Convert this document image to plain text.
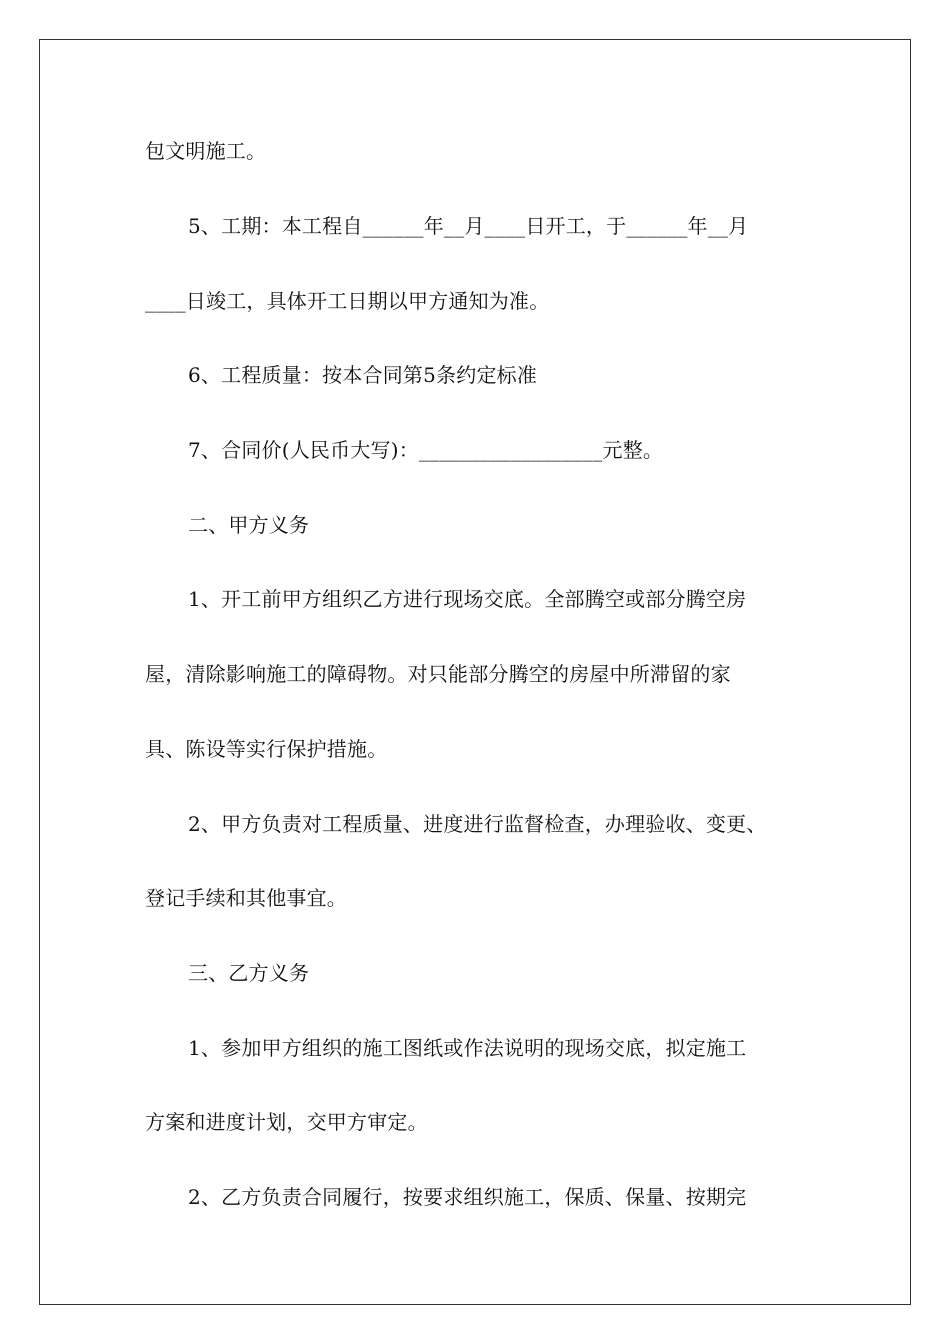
包文明施工。

5、工期：本工程自______年__月____日开工，于______年__月

____日竣工，具体开工日期以甲方通知为准。

6、工程质量：按本合同第5条约定标准

7、合同价(人民币大写)：__________________元整。

二、甲方义务

1、开工前甲方组织乙方进行现场交底。全部腾空或部分腾空房

屋，清除影响施工的障碍物。对只能部分腾空的房屋中所滞留的家

具、陈设等实行保护措施。

2、甲方负责对工程质量、进度进行监督检查，办理验收、变更、

登记手续和其他事宜。

三、乙方义务

1、参加甲方组织的施工图纸或作法说明的现场交底，拟定施工

方案和进度计划，交甲方审定。

2、乙方负责合同履行，按要求组织施工，保质、保量、按期完
